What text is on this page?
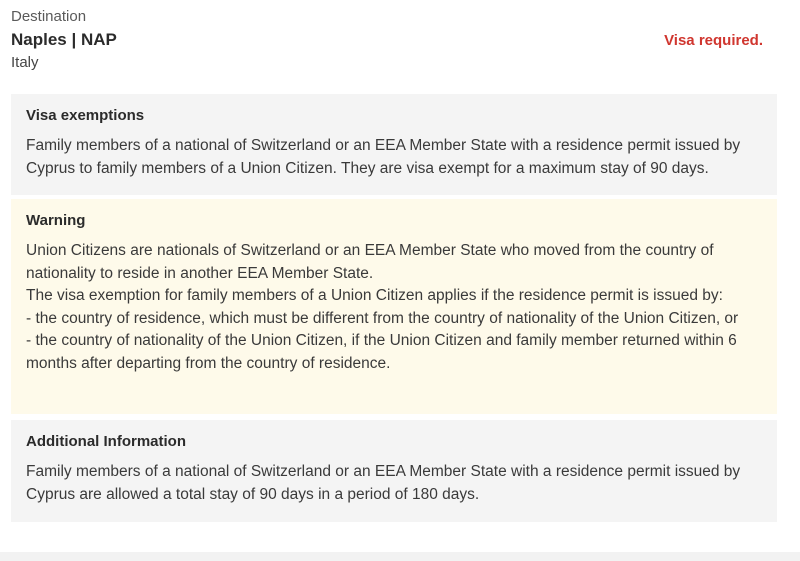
Destination
Naples | NAP
Italy
Visa required.
Visa exemptions
Family members of a national of Switzerland or an EEA Member State with a residence permit issued by Cyprus to family members of a Union Citizen. They are visa exempt for a maximum stay of 90 days.
Warning
Union Citizens are nationals of Switzerland or an EEA Member State who moved from the country of nationality to reside in another EEA Member State.
The visa exemption for family members of a Union Citizen applies if the residence permit is issued by:
- the country of residence, which must be different from the country of nationality of the Union Citizen, or
- the country of nationality of the Union Citizen, if the Union Citizen and family member returned within 6 months after departing from the country of residence.
Additional Information
Family members of a national of Switzerland or an EEA Member State with a residence permit issued by Cyprus are allowed a total stay of 90 days in a period of 180 days.
